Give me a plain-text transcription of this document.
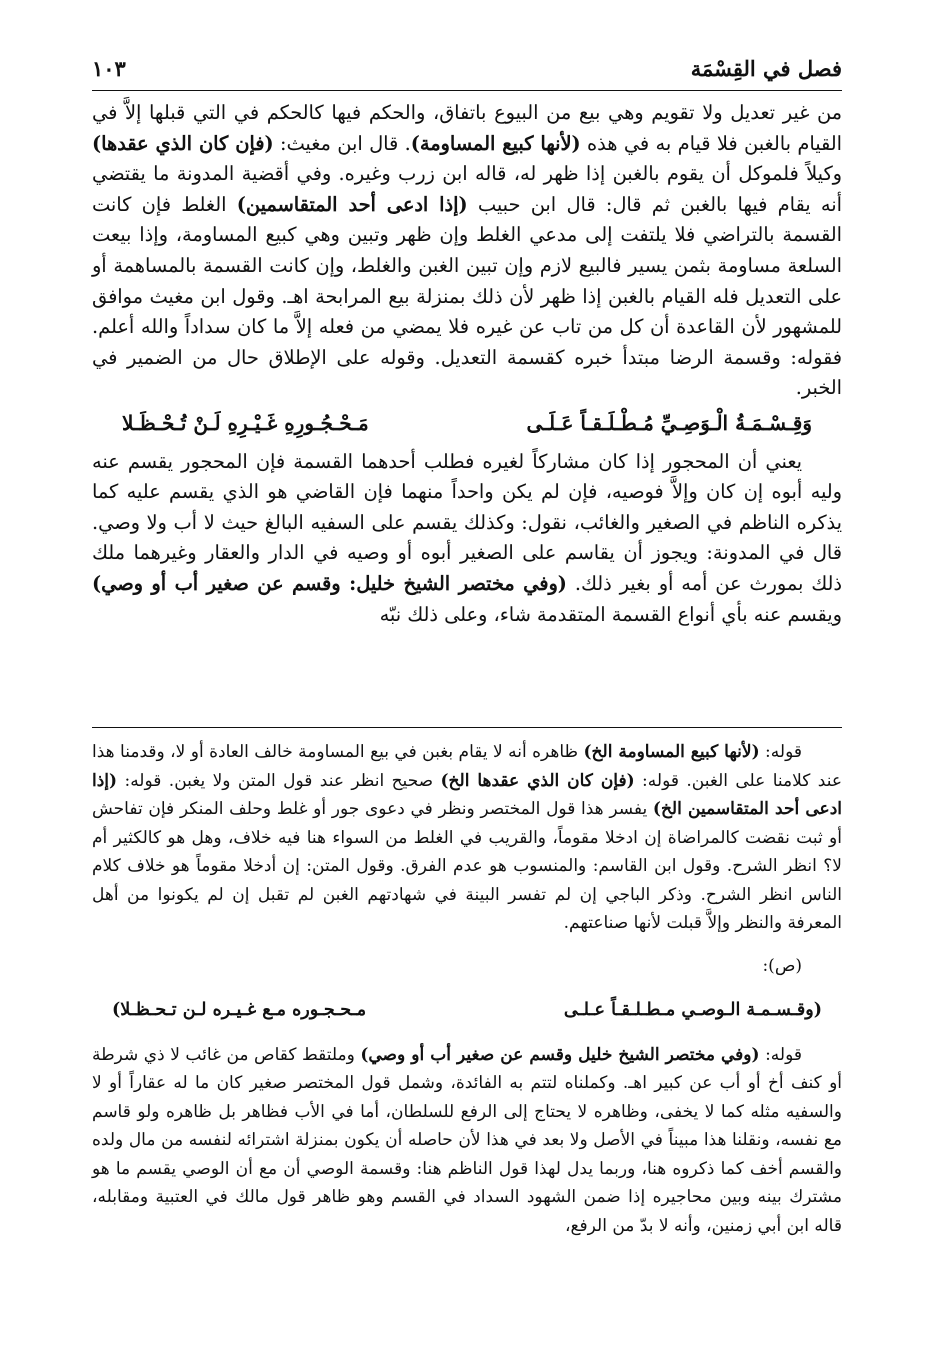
فصل في القِسْمَة
١٠٣

من غير تعديل ولا تقويم وهي بيع من البيوع باتفاق، والحكم فيها كالحكم في التي قبلها إلاَّ في القيام بالغبن فلا قيام به في هذه (لأنها كبيع المساومة). قال ابن مغيث: (فإن كان الذي عقدها) وكيلاً فلموكل أن يقوم بالغبن إذا ظهر له، قاله ابن زرب وغيره. وفي أقضية المدونة ما يقتضي أنه يقام فيها بالغبن ثم قال: قال ابن حبيب (إذا ادعى أحد المتقاسمين) الغلط فإن كانت القسمة بالتراضي فلا يلتفت إلى مدعي الغلط وإن ظهر وتبين وهي كبيع المساومة، وإذا بيعت السلعة مساومة بثمن يسير فالبيع لازم وإن تبين الغبن والغلط، وإن كانت القسمة بالمساهمة أو على التعديل فله القيام بالغبن إذا ظهر لأن ذلك بمنزلة بيع المرابحة اهـ. وقول ابن مغيث موافق للمشهور لأن القاعدة أن كل من تاب عن غيره فلا يمضي من فعله إلاَّ ما كان سداداً والله أعلم. فقوله: وقسمة الرضا مبتدأ خبره كقسمة التعديل. وقوله على الإطلاق حال من الضمير في الخبر.

وَقِـسْـمَـةُ الْـوَصِـيِّ مُـطْـلَـقـاً عَـلَـى
مَـحْـجُـورِهِ غَـيْـرِهِ لَـنْ تُـحْـظَـلا

يعني أن المحجور إذا كان مشاركاً لغيره فطلب أحدهما القسمة فإن المحجور يقسم عنه وليه أبوه إن كان وإلاَّ فوصيه، فإن لم يكن واحداً منهما فإن القاضي هو الذي يقسم عليه كما يذكره الناظم في الصغير والغائب، نقول: وكذلك يقسم على السفيه البالغ حيث لا أب ولا وصي. قال في المدونة: ويجوز أن يقاسم على الصغير أبوه أو وصيه في الدار والعقار وغيرهما ملك ذلك بمورث عن أمه أو بغير ذلك. (وفي مختصر الشيخ خليل: وقسم عن صغير أب أو وصي) ويقسم عنه بأي أنواع القسمة المتقدمة شاء، وعلى ذلك نبّه

قوله: (لأنها كبيع المساومة الخ) ظاهره أنه لا يقام بغبن في بيع المساومة خالف العادة أو لا، وقدمنا هذا عند كلامنا على الغبن. قوله: (فإن كان الذي عقدها الخ) صحيح انظر عند قول المتن ولا يغبن. قوله: (إذا ادعى أحد المتقاسمين الخ) يفسر هذا قول المختصر ونظر في دعوى جور أو غلط وحلف المنكر فإن تفاحش أو ثبت نقضت كالمراضاة إن ادخلا مقوماً، والقريب في الغلط من السواء هنا فيه خلاف، وهل هو كالكثير أم لا؟ انظر الشرح. وقول ابن القاسم: والمنسوب هو عدم الفرق. وقول المتن: إن أدخلا مقوماً هو خلاف كلام الناس انظر الشرح. وذكر الباجي إن لم تفسر البينة في شهادتهم الغبن لم تقبل إن لم يكونوا من أهل المعرفة والنظر وإلاَّ قبلت لأنها صناعتهم.

(ص):

(وقـسـمـة الـوصـي مـطـلـقـاً عـلـى
مـحـجـوره مـع غـيـره لـن تـحـظـلا)

قوله: (وفي مختصر الشيخ خليل وقسم عن صغير أب أو وصي) وملتقط كقاص من غائب لا ذي شرطة أو كنف أخ أو أب عن كبير اهـ. وكملناه لتتم به الفائدة، وشمل قول المختصر صغير كان ما له عقاراً أو لا والسفيه مثله كما لا يخفى، وظاهره لا يحتاج إلى الرفع للسلطان، أما في الأب فظاهر بل ظاهره ولو قاسم مع نفسه، ونقلنا هذا مبيناً في الأصل ولا بعد في هذا لأن حاصله أن يكون بمنزلة اشترائه لنفسه من مال ولده والقسم أخف كما ذكروه هنا، وربما يدل لهذا قول الناظم هنا: وقسمة الوصي أن مع أن الوصي يقسم ما هو مشترك بينه وبين محاجيره إذا ضمن الشهود السداد في القسم وهو ظاهر قول مالك في العتبية ومقابله، قاله ابن أبي زمنين، وأنه لا بدّ من الرفع،
